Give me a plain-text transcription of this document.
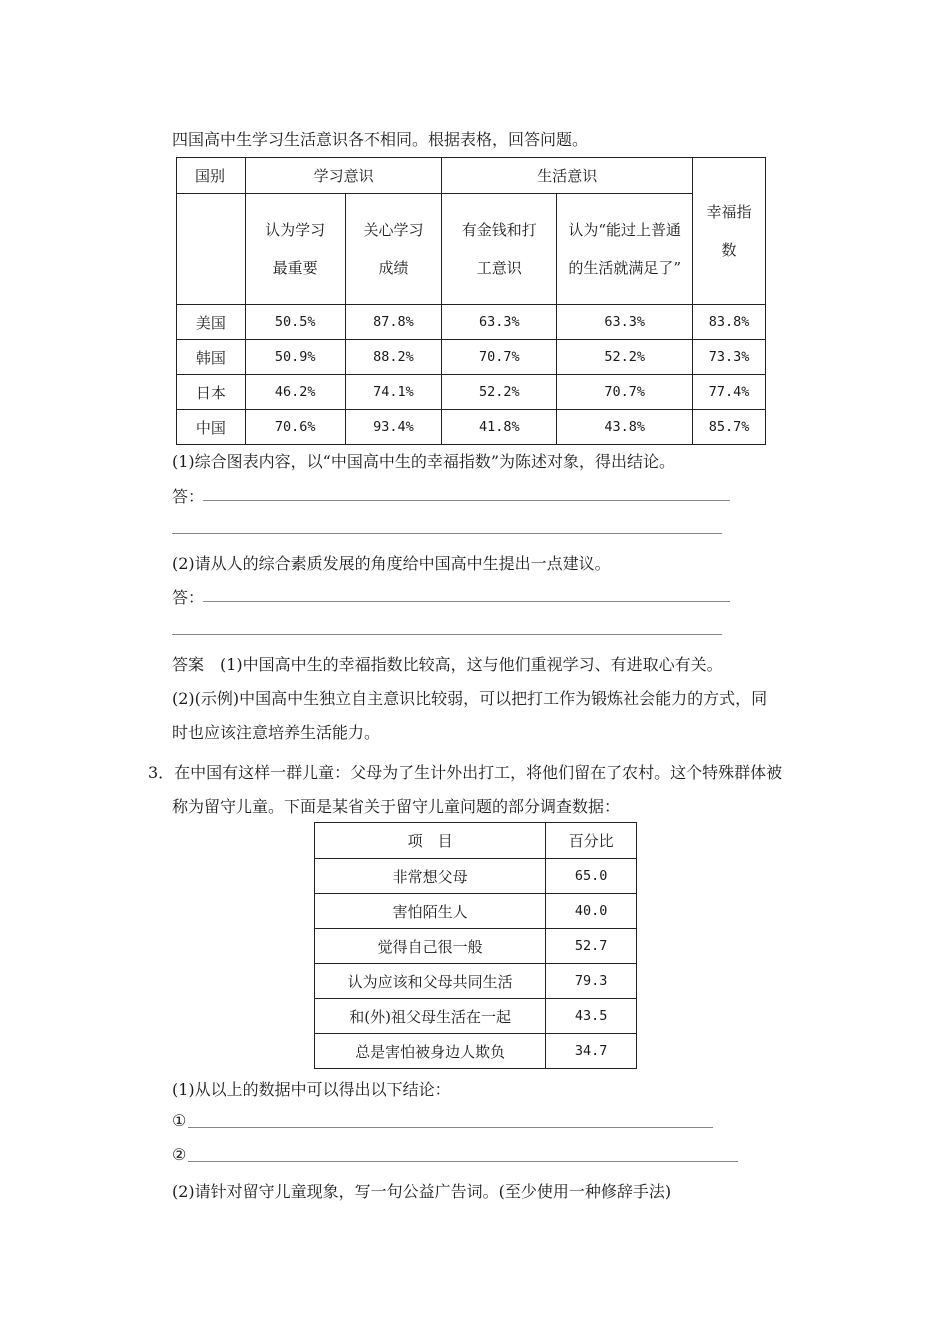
四国高中生学习生活意识各不相同。根据表格，回答问题。
国别	学习意识		生活意识		幸福指数

	认为学习最重要	关心学习成绩	有金钱和打工意识	认为“能过上普通的生活就满足了”	

美国	50.5%	87.8%	63.3%	63.3%	83.8%
韩国	50.9%	88.2%	70.7%	52.2%	73.3%
日本	46.2%	74.1%	52.2%	70.7%	77.4%
中国	70.6%	93.4%	41.8%	43.8%	85.7%
(1)综合图表内容，以“中国高中生的幸福指数”为陈述对象，得出结论。
答：
(2)请从人的综合素质发展的角度给中国高中生提出一点建议。
答：
答案　(1)中国高中生的幸福指数比较高，这与他们重视学习、有进取心有关。
(2)(示例)中国高中生独立自主意识比较弱，可以把打工作为锻炼社会能力的方式，同
时也应该注意培养生活能力。
3．在中国有这样一群儿童：父母为了生计外出打工，将他们留在了农村。这个特殊群体被
称为留守儿童。下面是某省关于留守儿童问题的部分调查数据：
项　目	百分比
非常想父母	65.0
害怕陌生人	40.0
觉得自己很一般	52.7
认为应该和父母共同生活	79.3
和(外)祖父母生活在一起	43.5
总是害怕被身边人欺负	34.7
(1)从以上的数据中可以得出以下结论：
①
②
(2)请针对留守儿童现象，写一句公益广告词。(至少使用一种修辞手法)
